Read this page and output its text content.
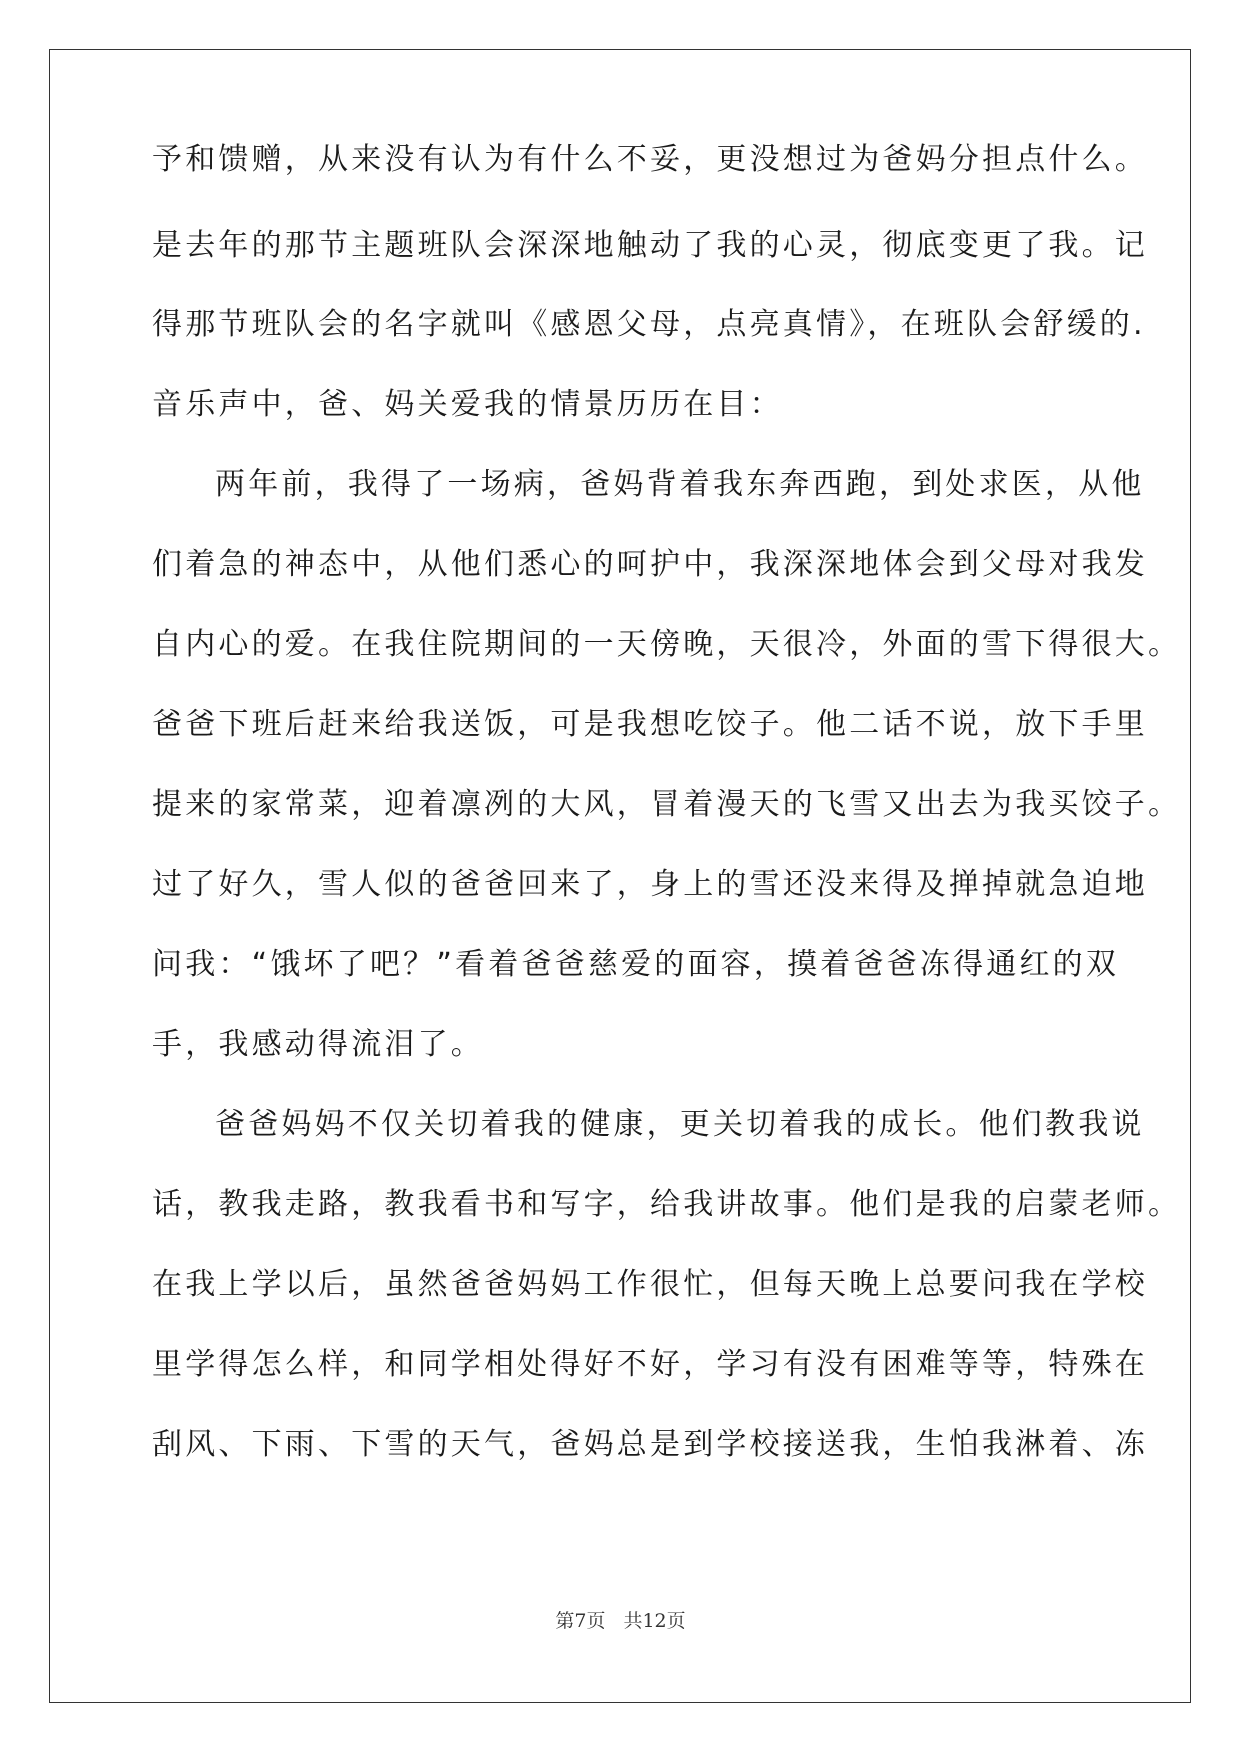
予和馈赠，从来没有认为有什么不妥，更没想过为爸妈分担点什么。
是去年的那节主题班队会深深地触动了我的心灵，彻底变更了我。记
得那节班队会的名字就叫《感恩父母，点亮真情》，在班队会舒缓的.
音乐声中，爸、妈关爱我的情景历历在目：
两年前，我得了一场病，爸妈背着我东奔西跑，到处求医，从他
们着急的神态中，从他们悉心的呵护中，我深深地体会到父母对我发
自内心的爱。在我住院期间的一天傍晚，天很冷，外面的雪下得很大。
爸爸下班后赶来给我送饭，可是我想吃饺子。他二话不说，放下手里
提来的家常菜，迎着凛冽的大风，冒着漫天的飞雪又出去为我买饺子。
过了好久，雪人似的爸爸回来了，身上的雪还没来得及掸掉就急迫地
问我：“饿坏了吧？”看着爸爸慈爱的面容，摸着爸爸冻得通红的双
手，我感动得流泪了。
爸爸妈妈不仅关切着我的健康，更关切着我的成长。他们教我说
话，教我走路，教我看书和写字，给我讲故事。他们是我的启蒙老师。
在我上学以后，虽然爸爸妈妈工作很忙，但每天晚上总要问我在学校
里学得怎么样，和同学相处得好不好，学习有没有困难等等，特殊在
刮风、下雨、下雪的天气，爸妈总是到学校接送我，生怕我淋着、冻
第7页 共12页
